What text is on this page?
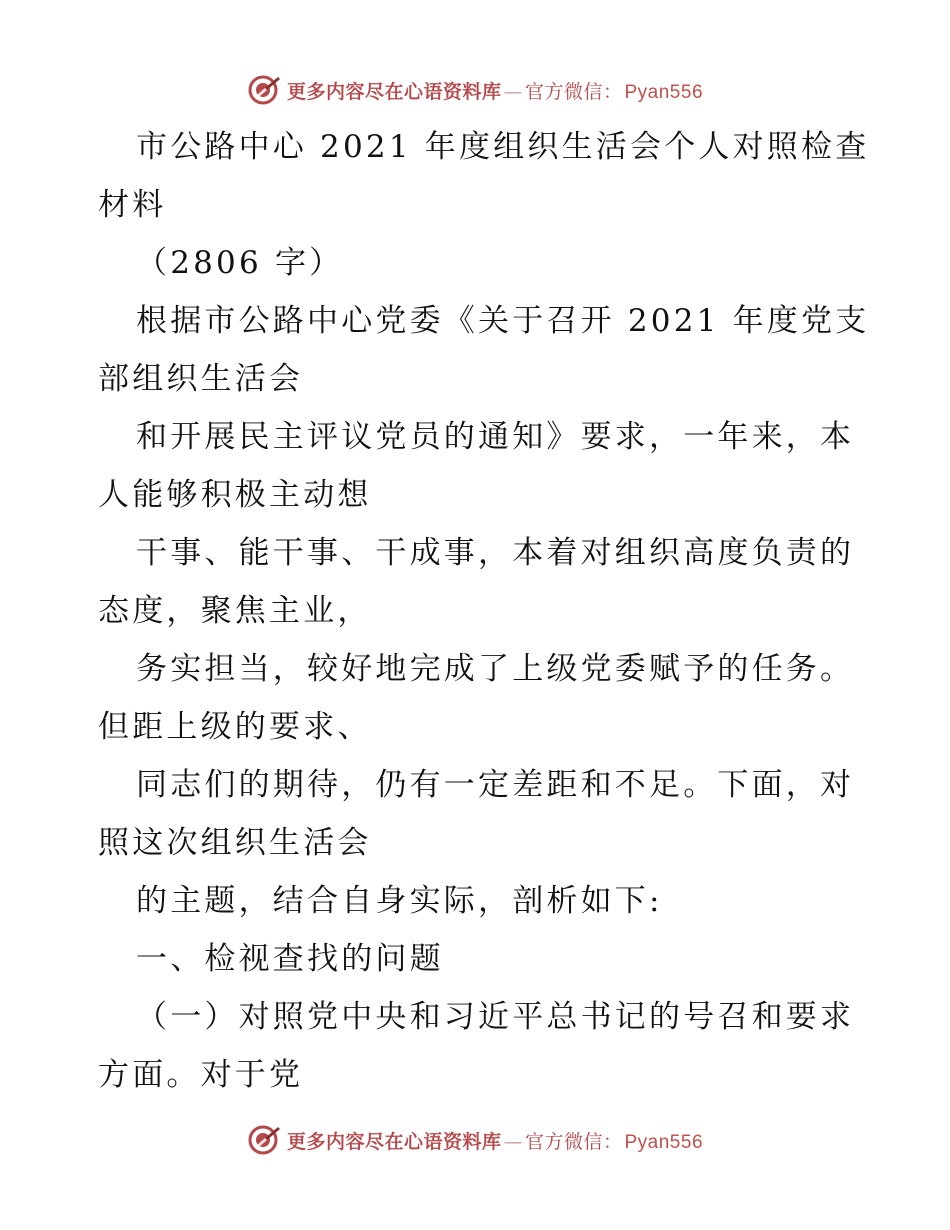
更多内容尽在心语资料库 — 官方微信： Pyan556
市公路中心 2021 年度组织生活会个人对照检查
材料
（2806 字）
根据市公路中心党委《关于召开 2021 年度党支
部组织生活会
和开展民主评议党员的通知》要求，一年来，本
人能够积极主动想
干事、能干事、干成事，本着对组织高度负责的
态度，聚焦主业，
务实担当，较好地完成了上级党委赋予的任务。
但距上级的要求、
同志们的期待，仍有一定差距和不足。下面，对
照这次组织生活会
的主题，结合自身实际，剖析如下:
一、检视查找的问题
（一）对照党中央和习近平总书记的号召和要求
方面。对于党
更多内容尽在心语资料库 — 官方微信： Pyan556
